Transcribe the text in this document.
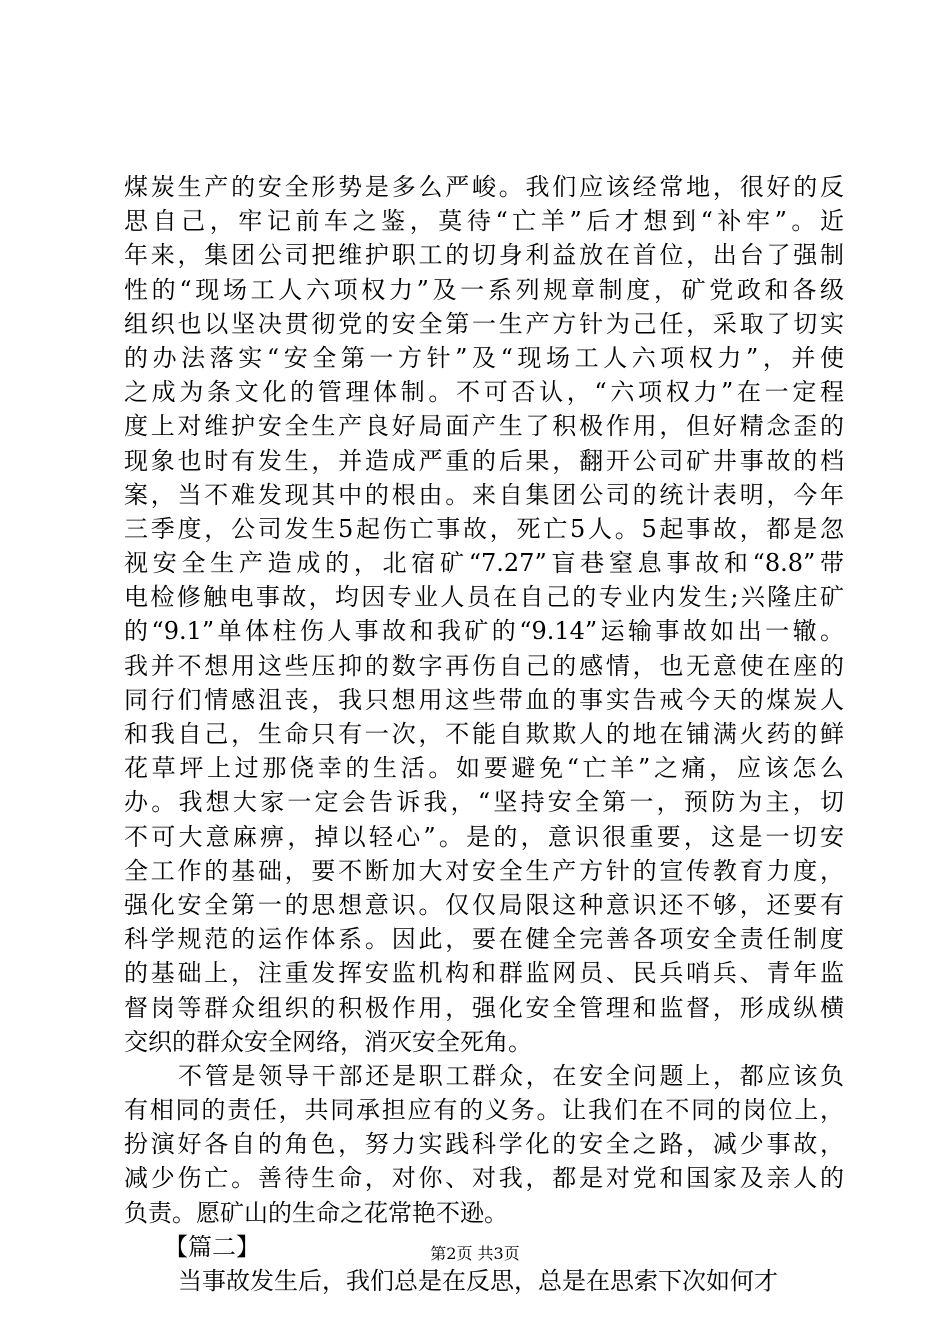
煤炭生产的安全形势是多么严峻。我们应该经常地，很好的反
思自己，牢记前车之鉴，莫待“亡羊”后才想到“补牢”。近
年来，集团公司把维护职工的切身利益放在首位，出台了强制
性的“现场工人六项权力”及一系列规章制度，矿党政和各级
组织也以坚决贯彻党的安全第一生产方针为己任，采取了切实
的办法落实“安全第一方针”及“现场工人六项权力”，并使
之成为条文化的管理体制。不可否认，“六项权力”在一定程
度上对维护安全生产良好局面产生了积极作用，但好精念歪的
现象也时有发生，并造成严重的后果，翻开公司矿井事故的档
案，当不难发现其中的根由。来自集团公司的统计表明，今年
三季度，公司发生5起伤亡事故，死亡5人。5起事故，都是忽
视安全生产造成的，北宿矿“7.27”盲巷窒息事故和“8.8”带
电检修触电事故，均因专业人员在自己的专业内发生;兴隆庄矿
的“9.1”单体柱伤人事故和我矿的“9.14”运输事故如出一辙。
我并不想用这些压抑的数字再伤自己的感情，也无意使在座的
同行们情感沮丧，我只想用这些带血的事实告戒今天的煤炭人
和我自己，生命只有一次，不能自欺欺人的地在铺满火药的鲜
花草坪上过那侥幸的生活。如要避免“亡羊”之痛，应该怎么
办。我想大家一定会告诉我，“坚持安全第一，预防为主，切
不可大意麻痹，掉以轻心”。是的，意识很重要，这是一切安
全工作的基础，要不断加大对安全生产方针的宣传教育力度，
强化安全第一的思想意识。仅仅局限这种意识还不够，还要有
科学规范的运作体系。因此，要在健全完善各项安全责任制度
的基础上，注重发挥安监机构和群监网员、民兵哨兵、青年监
督岗等群众组织的积极作用，强化安全管理和监督，形成纵横
交织的群众安全网络，消灭安全死角。
不管是领导干部还是职工群众，在安全问题上，都应该负
有相同的责任，共同承担应有的义务。让我们在不同的岗位上，
扮演好各自的角色，努力实践科学化的安全之路，减少事故，
减少伤亡。善待生命，对你、对我，都是对党和国家及亲人的
负责。愿矿山的生命之花常艳不逊。
【篇二】
当事故发生后，我们总是在反思，总是在思索下次如何才
第2页 共3页
